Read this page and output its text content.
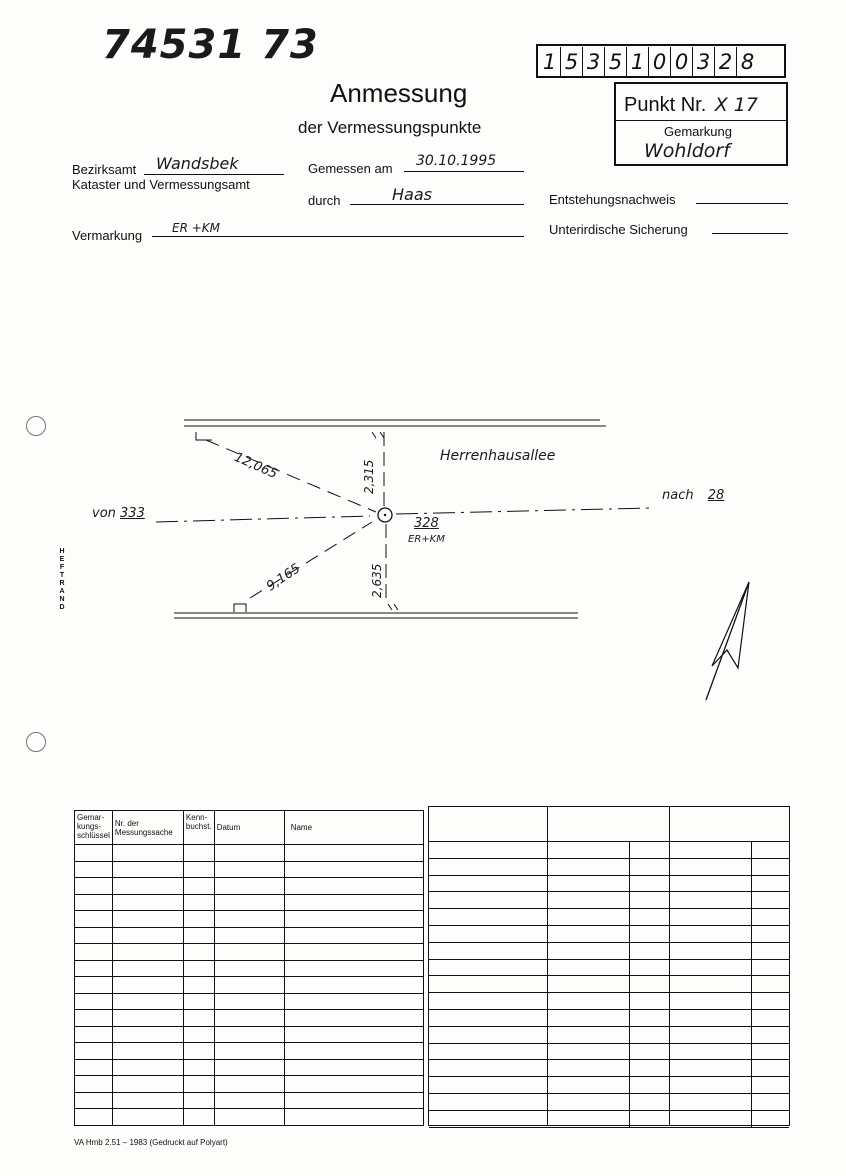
74531 73
Anmessung
der Vermessungspunkte
1 5 3 5 1 0 0 3 2 8
Punkt Nr. X 17
Gemarkung
Wohldorf
Bezirksamt Wandsbek
Kataster und Vermessungsamt
Gemessen am 30.10.1995
durch	Haas	Entstehungsnachweis
Vermarkung ER +KM	Unterirdische Sicherung
HEFTRAND
Herrenhausallee
von 333
nach 28
328
ER+KM
12,065
9,165
2,315
2,635
Gemar-kungs-schlüssel	Nr. der Messungssache	Kenn-buchst.	Datum	Name

VA Hmb 2.51 – 1983 (Gedruckt auf Polyart)
